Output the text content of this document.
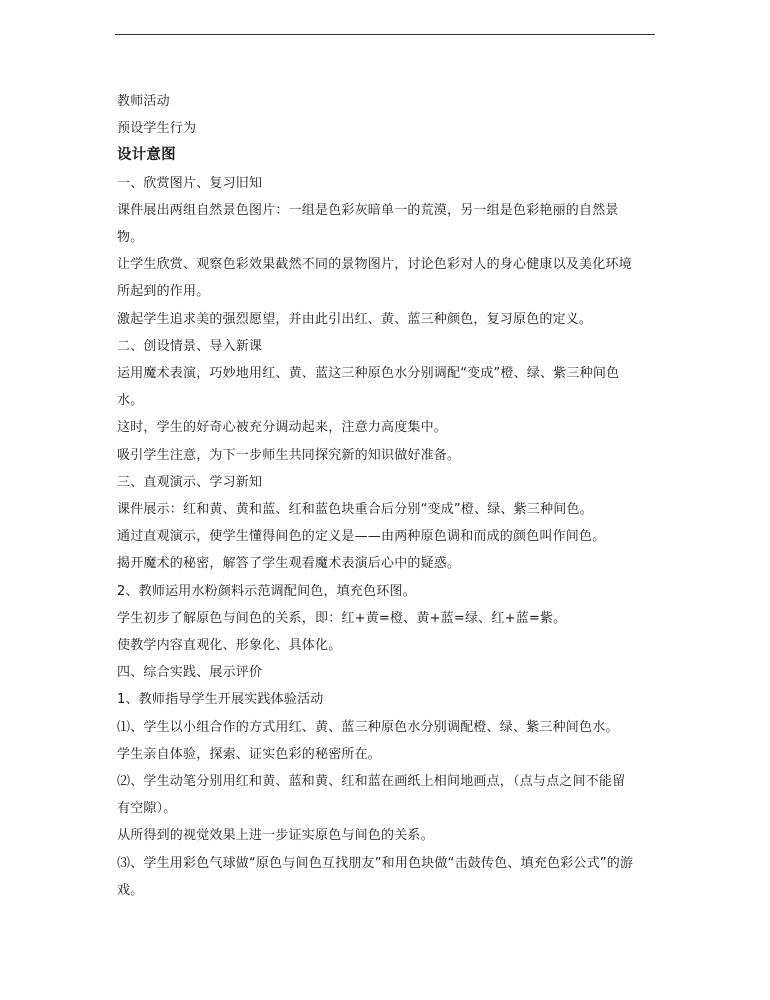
教师活动
预设学生行为
设计意图
一、欣赏图片、复习旧知
课件展出两组自然景色图片：一组是色彩灰暗单一的荒漠，另一组是色彩艳丽的自然景
物。
让学生欣赏、观察色彩效果截然不同的景物图片，讨论色彩对人的身心健康以及美化环境
所起到的作用。
激起学生追求美的强烈愿望，并由此引出红、黄、蓝三种颜色，复习原色的定义。
二、创设情景、导入新课
运用魔术表演，巧妙地用红、黄、蓝这三种原色水分别调配“变成”橙、绿、紫三种间色
水。
这时，学生的好奇心被充分调动起来，注意力高度集中。
吸引学生注意，为下一步师生共同探究新的知识做好准备。
三、直观演示、学习新知
课件展示：红和黄、黄和蓝、红和蓝色块重合后分别“变成”橙、绿、紫三种间色。
通过直观演示，使学生懂得间色的定义是——由两种原色调和而成的颜色叫作间色。
揭开魔术的秘密，解答了学生观看魔术表演后心中的疑惑。
2、教师运用水粉颜料示范调配间色，填充色环图。
学生初步了解原色与间色的关系，即：红+黄=橙、黄+蓝=绿、红+蓝=紫。
使教学内容直观化、形象化、具体化。
四、综合实践、展示评价
1、教师指导学生开展实践体验活动
⑴、学生以小组合作的方式用红、黄、蓝三种原色水分别调配橙、绿、紫三种间色水。
学生亲自体验，探索、证实色彩的秘密所在。
⑵、学生动笔分别用红和黄、蓝和黄、红和蓝在画纸上相间地画点，（点与点之间不能留
有空隙）。
从所得到的视觉效果上进一步证实原色与间色的关系。
⑶、学生用彩色气球做“原色与间色互找朋友”和用色块做“击鼓传色、填充色彩公式”的游
戏。
